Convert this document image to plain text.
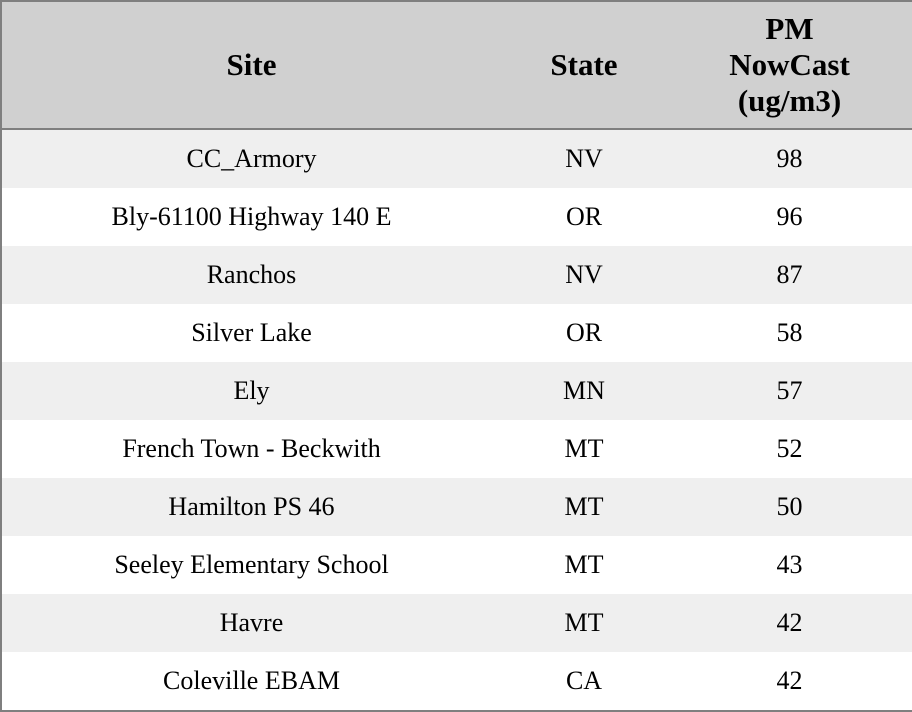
Site	State	PM NowCast (ug/m3)

CC_Armory	NV	98
Bly-61100 Highway 140 E	OR	96
Ranchos	NV	87
Silver Lake	OR	58
Ely	MN	57
French Town - Beckwith	MT	52
Hamilton PS 46	MT	50
Seeley Elementary School	MT	43
Havre	MT	42
Coleville EBAM	CA	42
